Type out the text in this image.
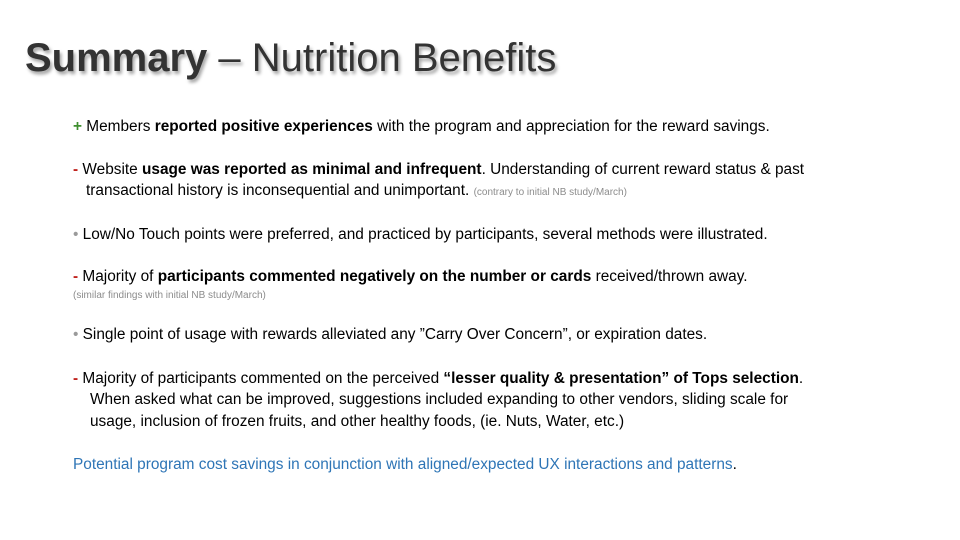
Summary – Nutrition Benefits
+ Members reported positive experiences with the program and appreciation for the reward savings.
- Website usage was reported as minimal and infrequent. Understanding of current reward status & past
transactional history is inconsequential and unimportant. (contrary to initial NB study/March)
• Low/No Touch points were preferred, and practiced by participants, several methods were illustrated.
- Majority of participants commented negatively on the number or cards received/thrown away.
(similar findings with initial NB study/March)
• Single point of usage with rewards alleviated any ”Carry Over Concern”, or expiration dates.
- Majority of participants commented on the perceived “lesser quality & presentation” of Tops selection.
When asked what can be improved, suggestions included expanding to other vendors, sliding scale for
usage, inclusion of frozen fruits, and other healthy foods, (ie. Nuts, Water, etc.)
Potential program cost savings in conjunction with aligned/expected UX interactions and patterns.
